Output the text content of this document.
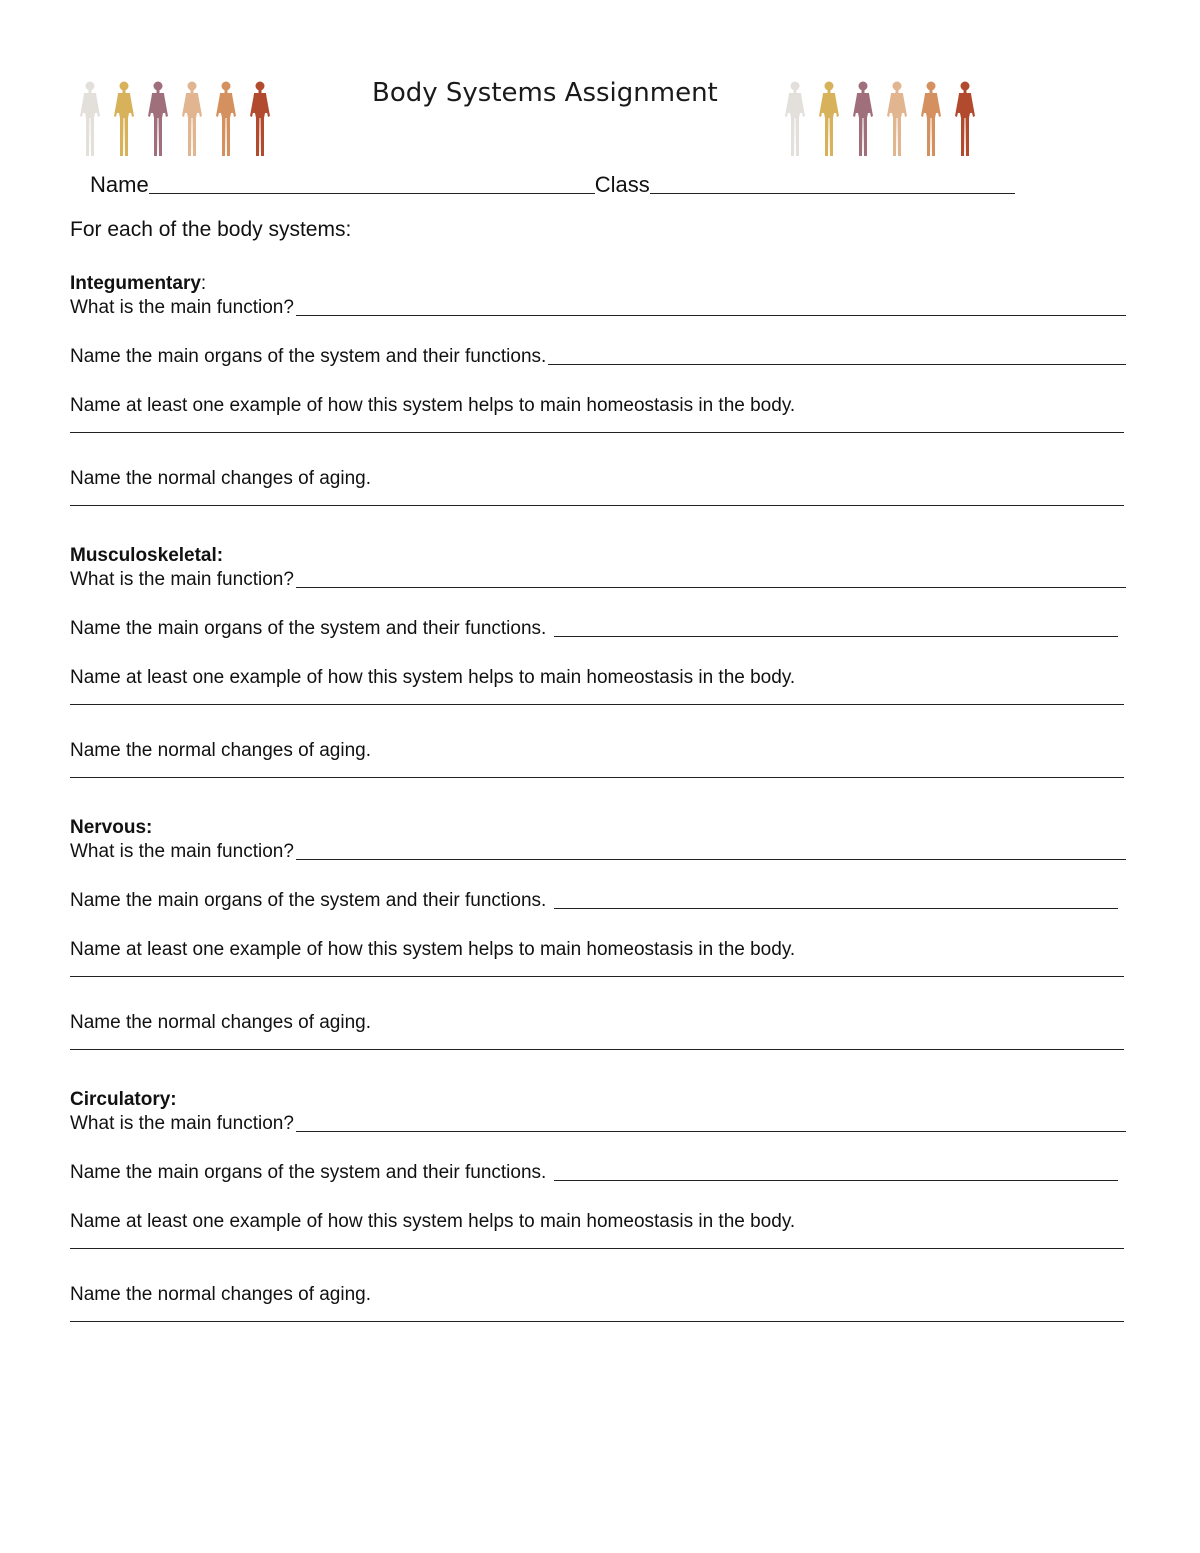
Body Systems Assignment
Name	Class
For each of the body systems:
Integumentary:
What is the main function?
Name the main organs of the system and their functions.
Name at least one example of how this system helps to main homeostasis in the body.
Name the normal changes of aging.
Musculoskeletal:
What is the main function?
Name the main organs of the system and their functions.
Name at least one example of how this system helps to main homeostasis in the body.
Name the normal changes of aging.
Nervous:
What is the main function?
Name the main organs of the system and their functions.
Name at least one example of how this system helps to main homeostasis in the body.
Name the normal changes of aging.
Circulatory:
What is the main function?
Name the main organs of the system and their functions.
Name at least one example of how this system helps to main homeostasis in the body.
Name the normal changes of aging.
